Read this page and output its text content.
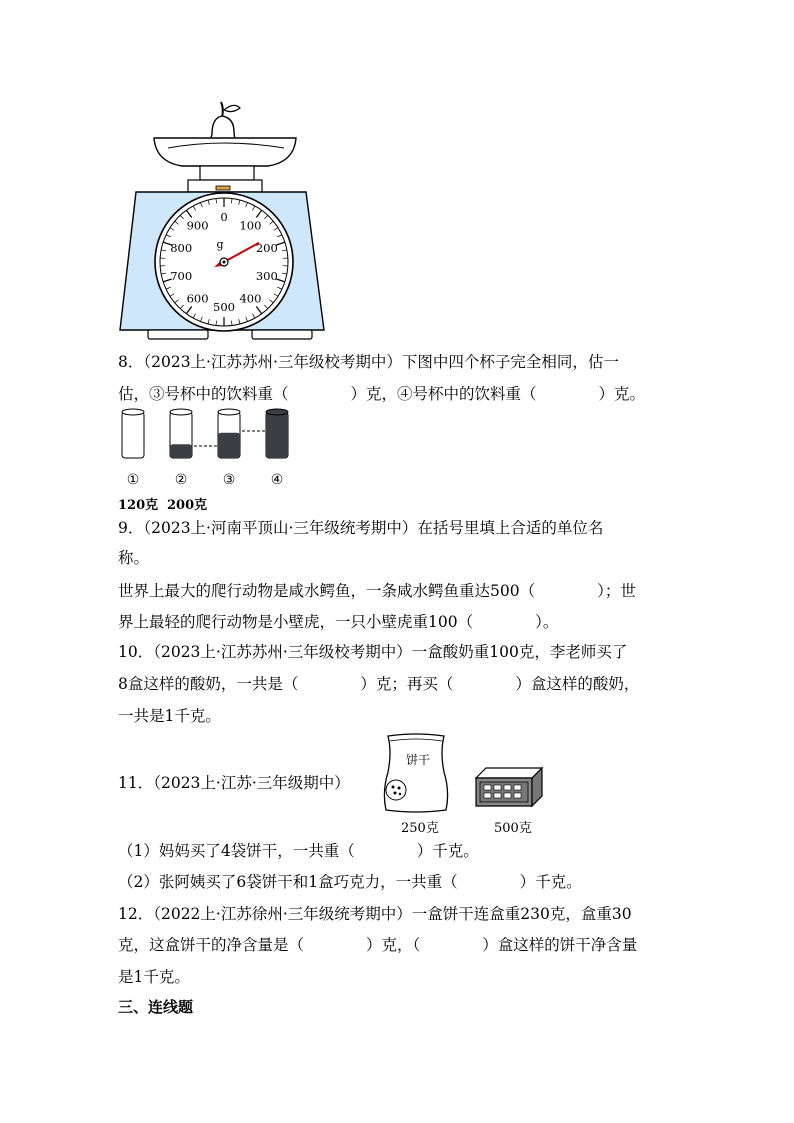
0
100
200
300
400
500
600
700
800
900
g
8．（2023上·江苏苏州·三年级校考期中）下图中四个杯子完全相同，估一
估，③号杯中的饮料重（　　　　）克，④号杯中的饮料重（　　　　）克。
①	②	③	④
120克 200克
9．（2023上·河南平顶山·三年级统考期中）在括号里填上合适的单位名
称。
世界上最大的爬行动物是咸水鳄鱼，一条咸水鳄鱼重达500（　　　　）；世
界上最轻的爬行动物是小壁虎，一只小壁虎重100（　　　　）。
10．（2023上·江苏苏州·三年级校考期中）一盒酸奶重100克，李老师买了
8盒这样的酸奶，一共是（　　　　）克；再买（　　　　）盒这样的酸奶，
一共是1千克。
11．（2023上·江苏·三年级期中）
饼干
250克	500克
（1）妈妈买了4袋饼干，一共重（　　　　）千克。
（2）张阿姨买了6袋饼干和1盒巧克力，一共重（　　　　）千克。
12．（2022上·江苏徐州·三年级统考期中）一盒饼干连盒重230克，盒重30
克，这盒饼干的净含量是（　　　　）克，（　　　　）盒这样的饼干净含量
是1千克。
三、连线题
